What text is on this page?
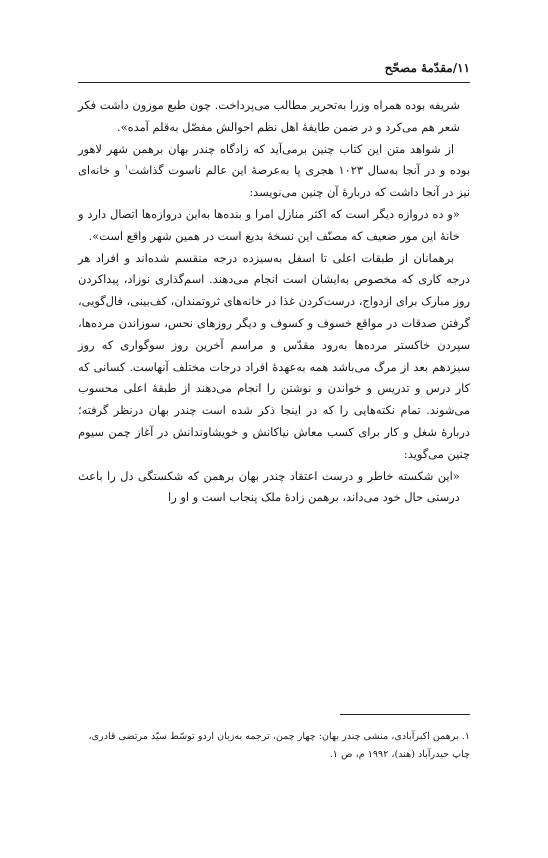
۱۱/مقدّمهٔ مصحّح

شریفه بوده همراه وزرا به‌تحریر مطالب می‌پرداخت. چون طبع موزون داشت فکر شعر هم می‌کرد و در ضمن طایفهٔ اهل نظم احوالش مفصّل به‌قلم آمده».

از شواهد متن این کتاب چنین برمی‌آید که زادگاه چندر بهان برهمن شهر لاهور بوده و در آنجا به‌سال ۱۰۲۳ هجری پا به‌عرصهٔ این عالم ناسوت گذاشت$^۱$ و خانه‌ای نیز در آنجا داشت که دربارهٔ آن چنین می‌نویسد:

«و ده دروازه دیگر است که اکثر منازل امرا و بنده‌ها به‌این دروازه‌ها اتصال دارد و خانهٔ این مور ضعیف که مصنّف این نسخهٔ بدیع است در همین شهر واقع است».

برهمانان از طبقات اعلی تا اسفل به‌سیزده درجه منقسم شده‌اند و افراد هر درجه کاری که مخصوص به‌ایشان است انجام می‌دهند. اسم‌گذاری نوزاد، پیداکردن روز مبارک برای ازدواج، درست‌کردن غذا در خانه‌های ثروتمندان، کف‌بینی، فال‌گویی، گرفتن صدقات در مواقع خسوف و کسوف و دیگر روزهای نحس، سوزاندن مرده‌ها، سپردن خاکستر مرده‌ها به‌رود مقدّس و مراسم آخرین روز سوگواری که روز سیزدهم بعد از مرگ می‌باشد همه به‌عهدهٔ افراد درجات مختلف آنهاست. کسانی که کار درس و تدریس و خواندن و نوشتن را انجام می‌دهند از طبقهٔ اعلی محسوب می‌شوند. تمام نکته‌هایی را که در اینجا ذکر شده است چندر بهان درنظر گرفته؛ دربارهٔ شغل و کار برای کسب معاش نیاکانش و خویشاوندانش در آغاز چمن سیوم چنین می‌گوید:

«این شکسته خاطر و درست اعتقاد چندر بهان برهمن که شکستگی دل را باعث درستی حال خود می‌داند، برهمن زادهٔ ملک پنجاب است و او را

۱. برهمن اکبرآبادی، منشی چندر بهان: چهار چمن، ترجمه به‌زبان اردو توسّط سیّد مرتضی قادری، چاپ حیدرآباد (هند)، ۱۹۹۲ م، ص ۱.
